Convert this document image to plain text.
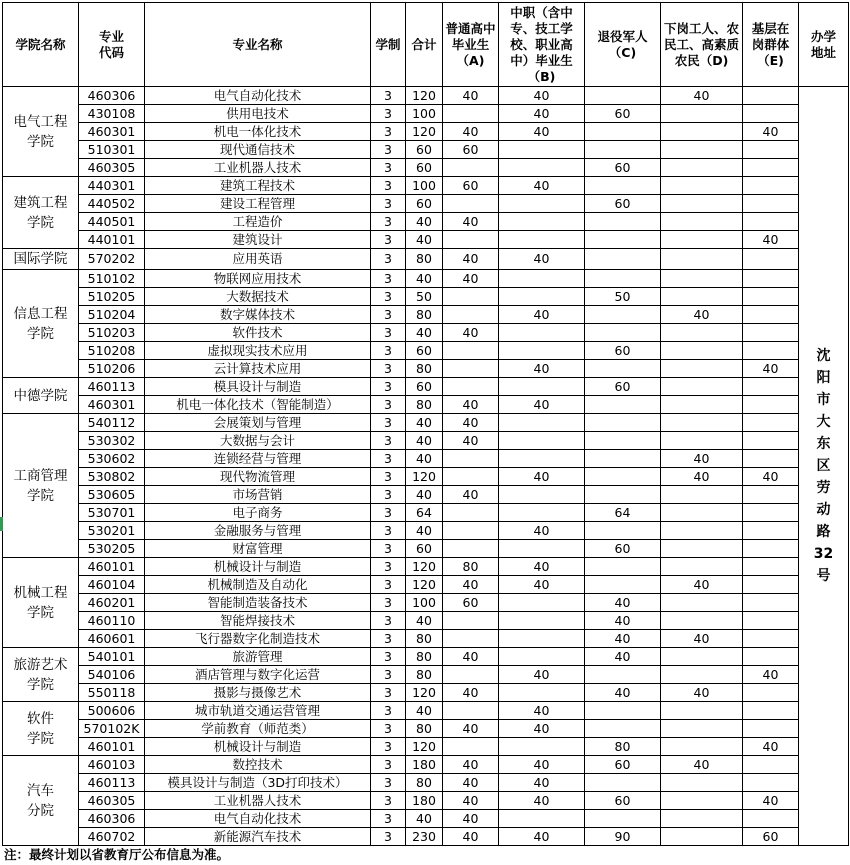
学院名称	专业代码	专业名称	学制	合计	普通高中毕业生（A)	中职（含中专、技工学校、职业高中）毕业生（B)	退役军人（C)	下岗工人、农民工、高素质农民（D)	基层在岗群体（E)	办学地址
电气工程学院	460306	电气自动化技术	3	120	40	40		40		沈阳市大东区劳动路32号
	430108	供用电技术	3	100		40	60			
	460301	机电一体化技术	3	120	40	40			40	
	510301	现代通信技术	3	60	60					
	460305	工业机器人技术	3	60			60			
建筑工程学院	440301	建筑工程技术	3	100	60	40				
	440502	建设工程管理	3	60			60			
	440501	工程造价	3	40	40					
	440101	建筑设计	3	40					40	
国际学院	570202	应用英语	3	80	40	40				
信息工程学院	510102	物联网应用技术	3	40	40					
	510205	大数据技术	3	50			50			
	510204	数字媒体技术	3	80		40		40		
	510203	软件技术	3	40	40					
	510208	虚拟现实技术应用	3	60			60			
	510206	云计算技术应用	3	80		40			40	
中德学院	460113	模具设计与制造	3	60			60			
	460301	机电一体化技术（智能制造）	3	80	40	40				
工商管理学院	540112	会展策划与管理	3	40	40					
	530302	大数据与会计	3	40	40					
	530602	连锁经营与管理	3	40				40		
	530802	现代物流管理	3	120		40		40	40	
	530605	市场营销	3	40	40					
	530701	电子商务	3	64			64			
	530201	金融服务与管理	3	40		40				
	530205	财富管理	3	60			60			
机械工程学院	460101	机械设计与制造	3	120	80	40				
	460104	机械制造及自动化	3	120	40	40		40		
	460201	智能制造装备技术	3	100	60		40			
	460110	智能焊接技术	3	40			40			
	460601	飞行器数字化制造技术	3	80			40	40		
旅游艺术学院	540101	旅游管理	3	80	40		40			
	540106	酒店管理与数字化运营	3	80		40			40	
	550118	摄影与摄像艺术	3	120	40		40	40		
软件学院	500606	城市轨道交通运营管理	3	40		40				
	570102K	学前教育（师范类）	3	80	40	40				
	460101	机械设计与制造	3	120			80		40	
汽车分院	460103	数控技术	3	180	40	40	60	40		
	460113	模具设计与制造（3D打印技术）	3	80	40	40				
	460305	工业机器人技术	3	180	40	40	60		40	
	460306	电气自动化技术	3	40	40					
	460702	新能源汽车技术	3	230	40	40	90		60	
注：最终计划以省教育厅公布信息为准。
